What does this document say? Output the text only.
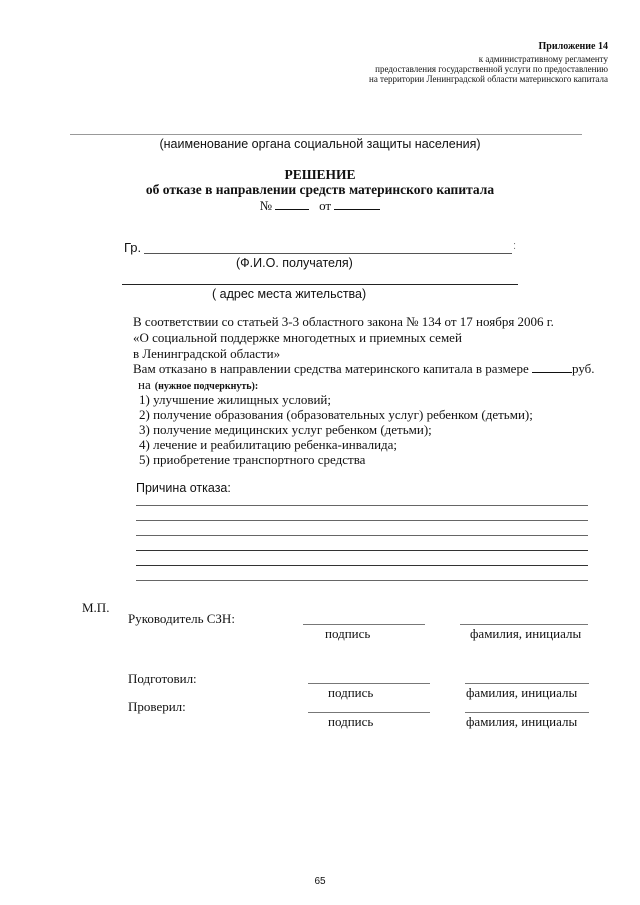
Приложение 14
к административному регламенту
предоставления государственной услуги по предоставлению
на территории Ленинградской области материнского капитала
(наименование органа социальной защиты населения)
РЕШЕНИЕ
об отказе в направлении средств материнского капитала
№	от
Гр.	:
(Ф.И.О. получателя)
( адрес места жительства)
В соответствии со статьей 3-3 областного закона № 134 от 17 ноября 2006 г.
«О социальной поддержке многодетных и приемных семей
в Ленинградской области»
Вам отказано в направлении средства материнского капитала в размере	руб.
на (нужное подчеркнуть):
1) улучшение жилищных условий;
2) получение образования (образовательных услуг) ребенком (детьми);
3) получение медицинских услуг ребенком (детьми);
4) лечение и реабилитацию ребенка-инвалида;
5) приобретение транспортного средства
Причина отказа:
М.П.
Руководитель СЗН:
подпись	фамилия, инициалы
Подготовил:
подпись	фамилия, инициалы
Проверил:
подпись	фамилия, инициалы
65
